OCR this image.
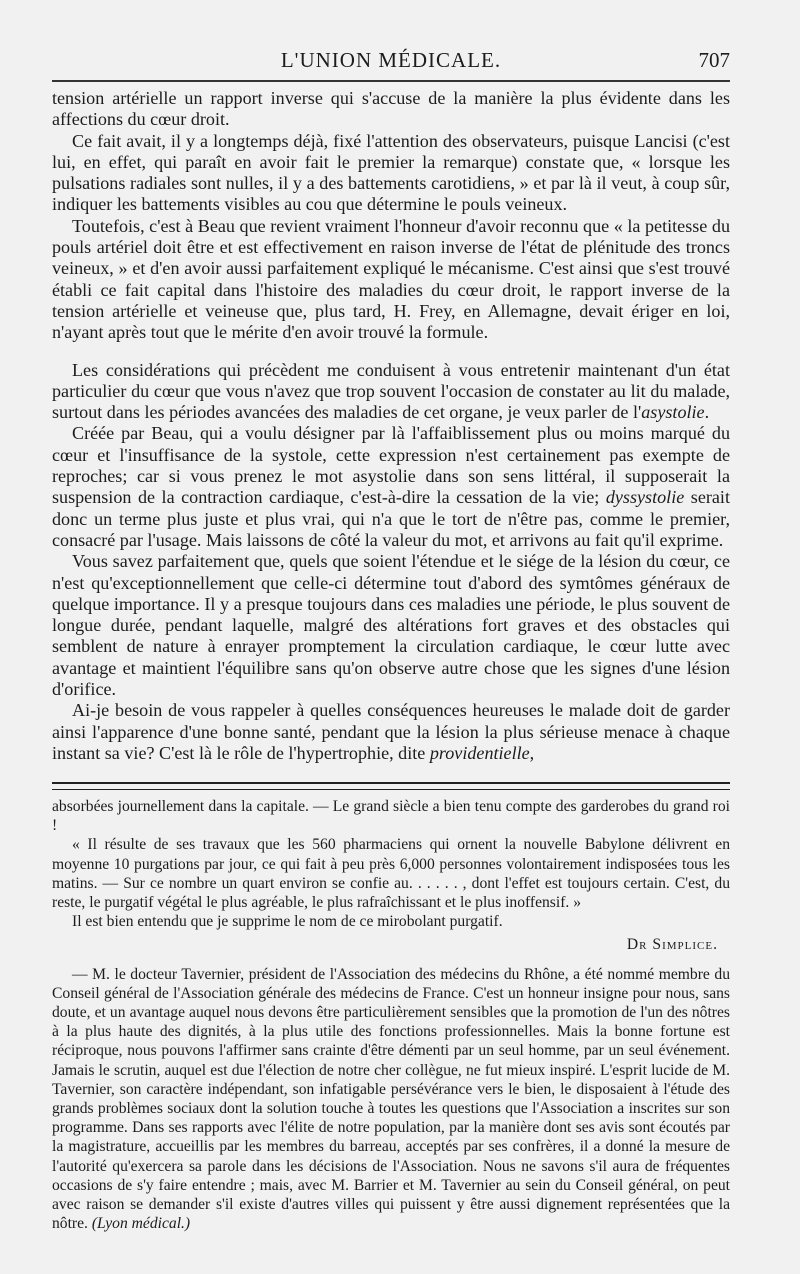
L'UNION MÉDICALE.	707

tension artérielle un rapport inverse qui s'accuse de la manière la plus évidente dans les affections du cœur droit.

Ce fait avait, il y a longtemps déjà, fixé l'attention des observateurs, puisque Lancisi (c'est lui, en effet, qui paraît en avoir fait le premier la remarque) constate que, « lorsque les pulsations radiales sont nulles, il y a des battements carotidiens, » et par là il veut, à coup sûr, indiquer les battements visibles au cou que détermine le pouls veineux.

Toutefois, c'est à Beau que revient vraiment l'honneur d'avoir reconnu que « la petitesse du pouls artériel doit être et est effectivement en raison inverse de l'état de plénitude des troncs veineux, » et d'en avoir aussi parfaitement expliqué le mécanisme. C'est ainsi que s'est trouvé établi ce fait capital dans l'histoire des maladies du cœur droit, le rapport inverse de la tension artérielle et veineuse que, plus tard, H. Frey, en Allemagne, devait ériger en loi, n'ayant après tout que le mérite d'en avoir trouvé la formule.

Les considérations qui précèdent me conduisent à vous entretenir maintenant d'un état particulier du cœur que vous n'avez que trop souvent l'occasion de constater au lit du malade, surtout dans les périodes avancées des maladies de cet organe, je veux parler de l'asystolie.

Créée par Beau, qui a voulu désigner par là l'affaiblissement plus ou moins marqué du cœur et l'insuffisance de la systole, cette expression n'est certainement pas exempte de reproches; car si vous prenez le mot asystolie dans son sens littéral, il supposerait la suspension de la contraction cardiaque, c'est-à-dire la cessation de la vie; dyssystolie serait donc un terme plus juste et plus vrai, qui n'a que le tort de n'être pas, comme le premier, consacré par l'usage. Mais laissons de côté la valeur du mot, et arrivons au fait qu'il exprime.

Vous savez parfaitement que, quels que soient l'étendue et le siége de la lésion du cœur, ce n'est qu'exceptionnellement que celle-ci détermine tout d'abord des symtômes généraux de quelque importance. Il y a presque toujours dans ces maladies une période, le plus souvent de longue durée, pendant laquelle, malgré des altérations fort graves et des obstacles qui semblent de nature à enrayer promptement la circulation cardiaque, le cœur lutte avec avantage et maintient l'équilibre sans qu'on observe autre chose que les signes d'une lésion d'orifice.

Ai-je besoin de vous rappeler à quelles conséquences heureuses le malade doit de garder ainsi l'apparence d'une bonne santé, pendant que la lésion la plus sérieuse menace à chaque instant sa vie? C'est là le rôle de l'hypertrophie, dite providentielle,

absorbées journellement dans la capitale. — Le grand siècle a bien tenu compte des garderobes du grand roi !

« Il résulte de ses travaux que les 560 pharmaciens qui ornent la nouvelle Babylone délivrent en moyenne 10 purgations par jour, ce qui fait à peu près 6,000 personnes volontairement indisposées tous les matins. — Sur ce nombre un quart environ se confie au. . . . . . , dont l'effet est toujours certain. C'est, du reste, le purgatif végétal le plus agréable, le plus rafraîchissant et le plus inoffensif. »

Il est bien entendu que je supprime le nom de ce mirobolant purgatif.

Dr Simplice.

— M. le docteur Tavernier, président de l'Association des médecins du Rhône, a été nommé membre du Conseil général de l'Association générale des médecins de France. C'est un honneur insigne pour nous, sans doute, et un avantage auquel nous devons être particulièrement sensibles que la promotion de l'un des nôtres à la plus haute des dignités, à la plus utile des fonctions professionnelles. Mais la bonne fortune est réciproque, nous pouvons l'affirmer sans crainte d'être démenti par un seul homme, par un seul événement. Jamais le scrutin, auquel est due l'élection de notre cher collègue, ne fut mieux inspiré. L'esprit lucide de M. Tavernier, son caractère indépendant, son infatigable persévérance vers le bien, le disposaient à l'étude des grands problèmes sociaux dont la solution touche à toutes les questions que l'Association a inscrites sur son programme. Dans ses rapports avec l'élite de notre population, par la manière dont ses avis sont écoutés par la magistrature, accueillis par les membres du barreau, acceptés par ses confrères, il a donné la mesure de l'autorité qu'exercera sa parole dans les décisions de l'Association. Nous ne savons s'il aura de fréquentes occasions de s'y faire entendre ; mais, avec M. Barrier et M. Tavernier au sein du Conseil général, on peut avec raison se demander s'il existe d'autres villes qui puissent y être aussi dignement représentées que la nôtre. (Lyon médical.)
